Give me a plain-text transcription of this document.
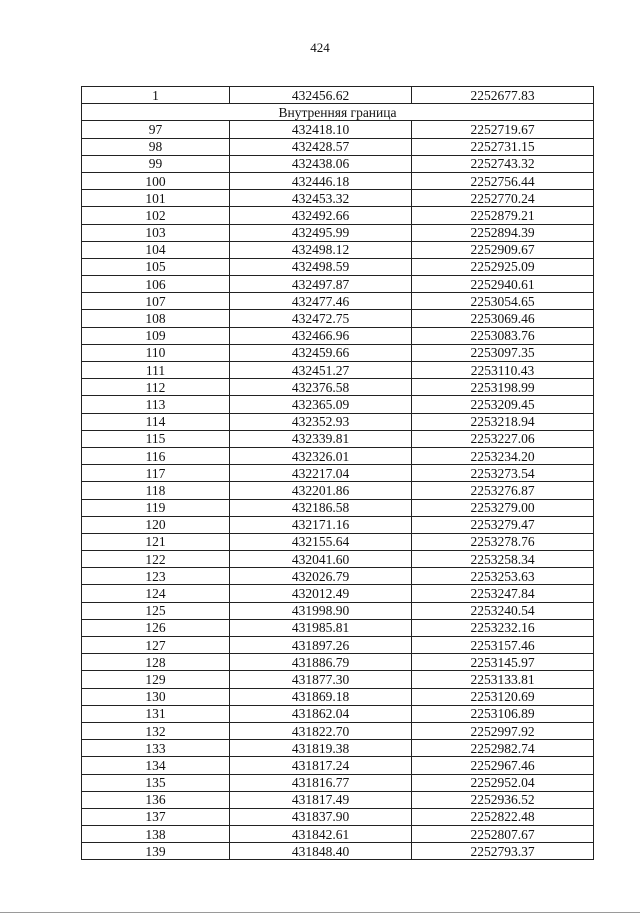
424
1	432456.62	2252677.83
Внутренняя граница		
97	432418.10	2252719.67
98	432428.57	2252731.15
99	432438.06	2252743.32
100	432446.18	2252756.44
101	432453.32	2252770.24
102	432492.66	2252879.21
103	432495.99	2252894.39
104	432498.12	2252909.67
105	432498.59	2252925.09
106	432497.87	2252940.61
107	432477.46	2253054.65
108	432472.75	2253069.46
109	432466.96	2253083.76
110	432459.66	2253097.35
111	432451.27	2253110.43
112	432376.58	2253198.99
113	432365.09	2253209.45
114	432352.93	2253218.94
115	432339.81	2253227.06
116	432326.01	2253234.20
117	432217.04	2253273.54
118	432201.86	2253276.87
119	432186.58	2253279.00
120	432171.16	2253279.47
121	432155.64	2253278.76
122	432041.60	2253258.34
123	432026.79	2253253.63
124	432012.49	2253247.84
125	431998.90	2253240.54
126	431985.81	2253232.16
127	431897.26	2253157.46
128	431886.79	2253145.97
129	431877.30	2253133.81
130	431869.18	2253120.69
131	431862.04	2253106.89
132	431822.70	2252997.92
133	431819.38	2252982.74
134	431817.24	2252967.46
135	431816.77	2252952.04
136	431817.49	2252936.52
137	431837.90	2252822.48
138	431842.61	2252807.67
139	431848.40	2252793.37
